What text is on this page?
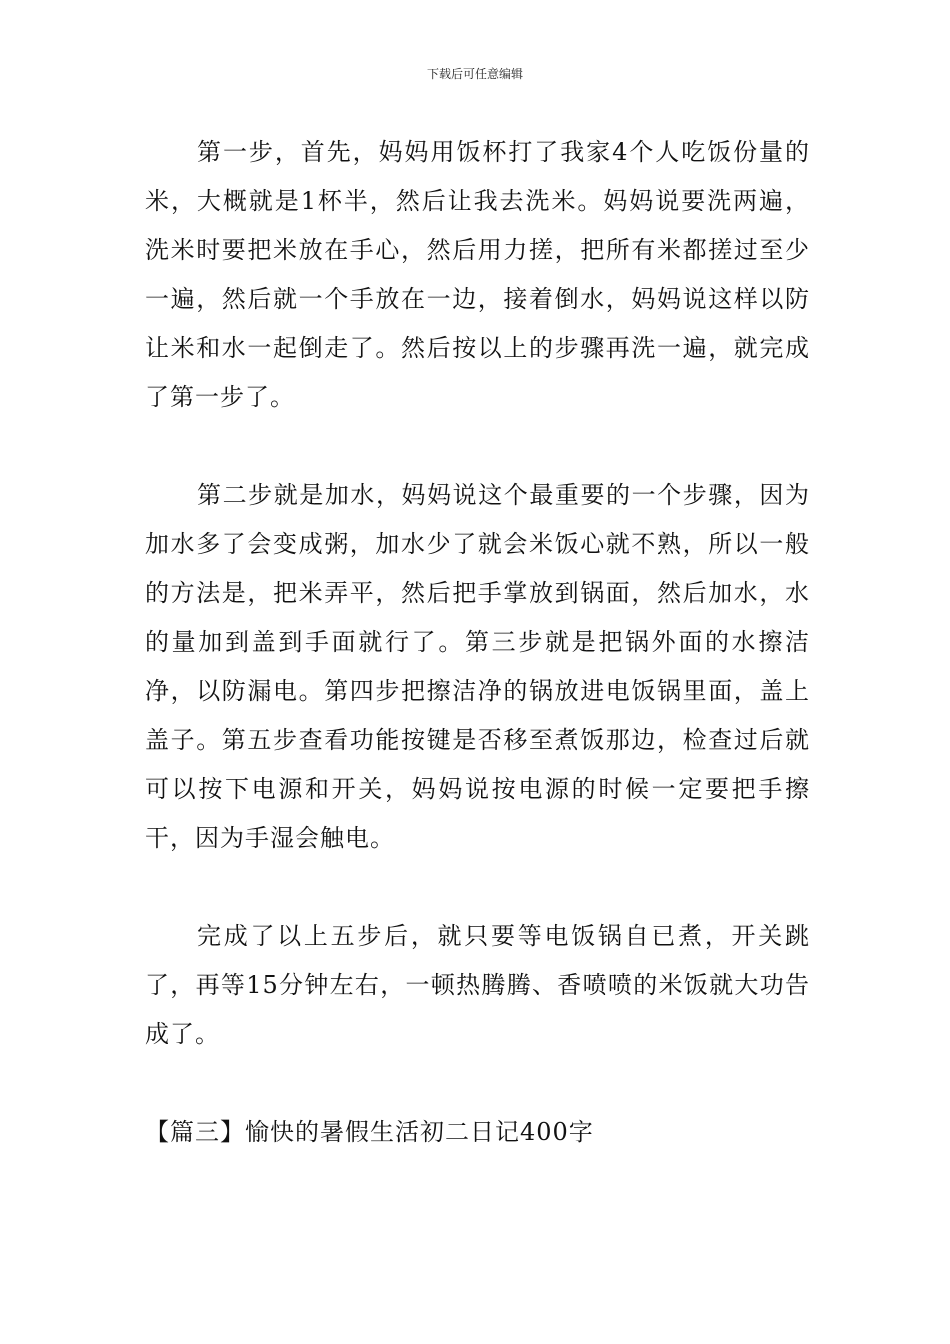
下载后可任意编辑

第一步，首先，妈妈用饭杯打了我家4个人吃饭份量的米，大概就是1杯半，然后让我去洗米。妈妈说要洗两遍，洗米时要把米放在手心，然后用力搓，把所有米都搓过至少一遍，然后就一个手放在一边，接着倒水，妈妈说这样以防让米和水一起倒走了。然后按以上的步骤再洗一遍，就完成了第一步了。

第二步就是加水，妈妈说这个最重要的一个步骤，因为加水多了会变成粥，加水少了就会米饭心就不熟，所以一般的方法是，把米弄平，然后把手掌放到锅面，然后加水，水的量加到盖到手面就行了。第三步就是把锅外面的水擦洁净，以防漏电。第四步把擦洁净的锅放进电饭锅里面，盖上盖子。第五步查看功能按键是否移至煮饭那边，检查过后就可以按下电源和开关，妈妈说按电源的时候一定要把手擦干，因为手湿会触电。

完成了以上五步后，就只要等电饭锅自已煮，开关跳了，再等15分钟左右，一顿热腾腾、香喷喷的米饭就大功告成了。

【篇三】愉快的暑假生活初二日记400字
